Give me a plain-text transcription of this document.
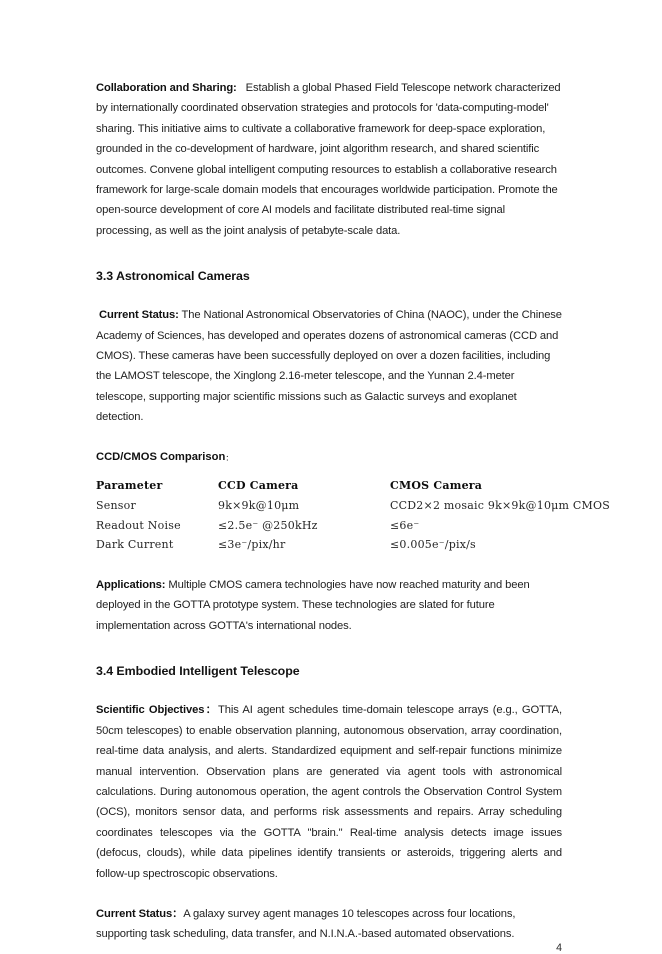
Collaboration and Sharing: Establish a global Phased Field Telescope network characterized by internationally coordinated observation strategies and protocols for 'data-computing-model' sharing. This initiative aims to cultivate a collaborative framework for deep-space exploration, grounded in the co-development of hardware, joint algorithm research, and shared scientific outcomes. Convene global intelligent computing resources to establish a collaborative research framework for large-scale domain models that encourages worldwide participation. Promote the open-source development of core AI models and facilitate distributed real-time signal processing, as well as the joint analysis of petabyte-scale data.

3.3 Astronomical Cameras

Current Status: The National Astronomical Observatories of China (NAOC), under the Chinese Academy of Sciences, has developed and operates dozens of astronomical cameras (CCD and CMOS). These cameras have been successfully deployed on over a dozen facilities, including the LAMOST telescope, the Xinglong 2.16-meter telescope, and the Yunnan 2.4-meter telescope, supporting major scientific missions such as Galactic surveys and exoplanet detection.

CCD/CMOS Comparison：
Parameter	CCD Camera	CMOS Camera
Sensor	9k×9k@10μm	CCD2×2 mosaic 9k×9k@10μm CMOS
Readout Noise	≤2.5e⁻ @250kHz	≤6e⁻
Dark Current	≤3e⁻/pix/hr	≤0.005e⁻/pix/s

Applications: Multiple CMOS camera technologies have now reached maturity and been deployed in the GOTTA prototype system. These technologies are slated for future implementation across GOTTA's international nodes.

3.4 Embodied Intelligent Telescope

Scientific Objectives：This AI agent schedules time-domain telescope arrays (e.g., GOTTA, 50cm telescopes) to enable observation planning, autonomous observation, array coordination, real-time data analysis, and alerts. Standardized equipment and self-repair functions minimize manual intervention. Observation plans are generated via agent tools with astronomical calculations. During autonomous operation, the agent controls the Observation Control System (OCS), monitors sensor data, and performs risk assessments and repairs. Array scheduling coordinates telescopes via the GOTTA "brain." Real-time analysis detects image issues (defocus, clouds), while data pipelines identify transients or asteroids, triggering alerts and follow-up spectroscopic observations.

Current Status：A galaxy survey agent manages 10 telescopes across four locations, supporting task scheduling, data transfer, and N.I.N.A.-based automated observations.

4
